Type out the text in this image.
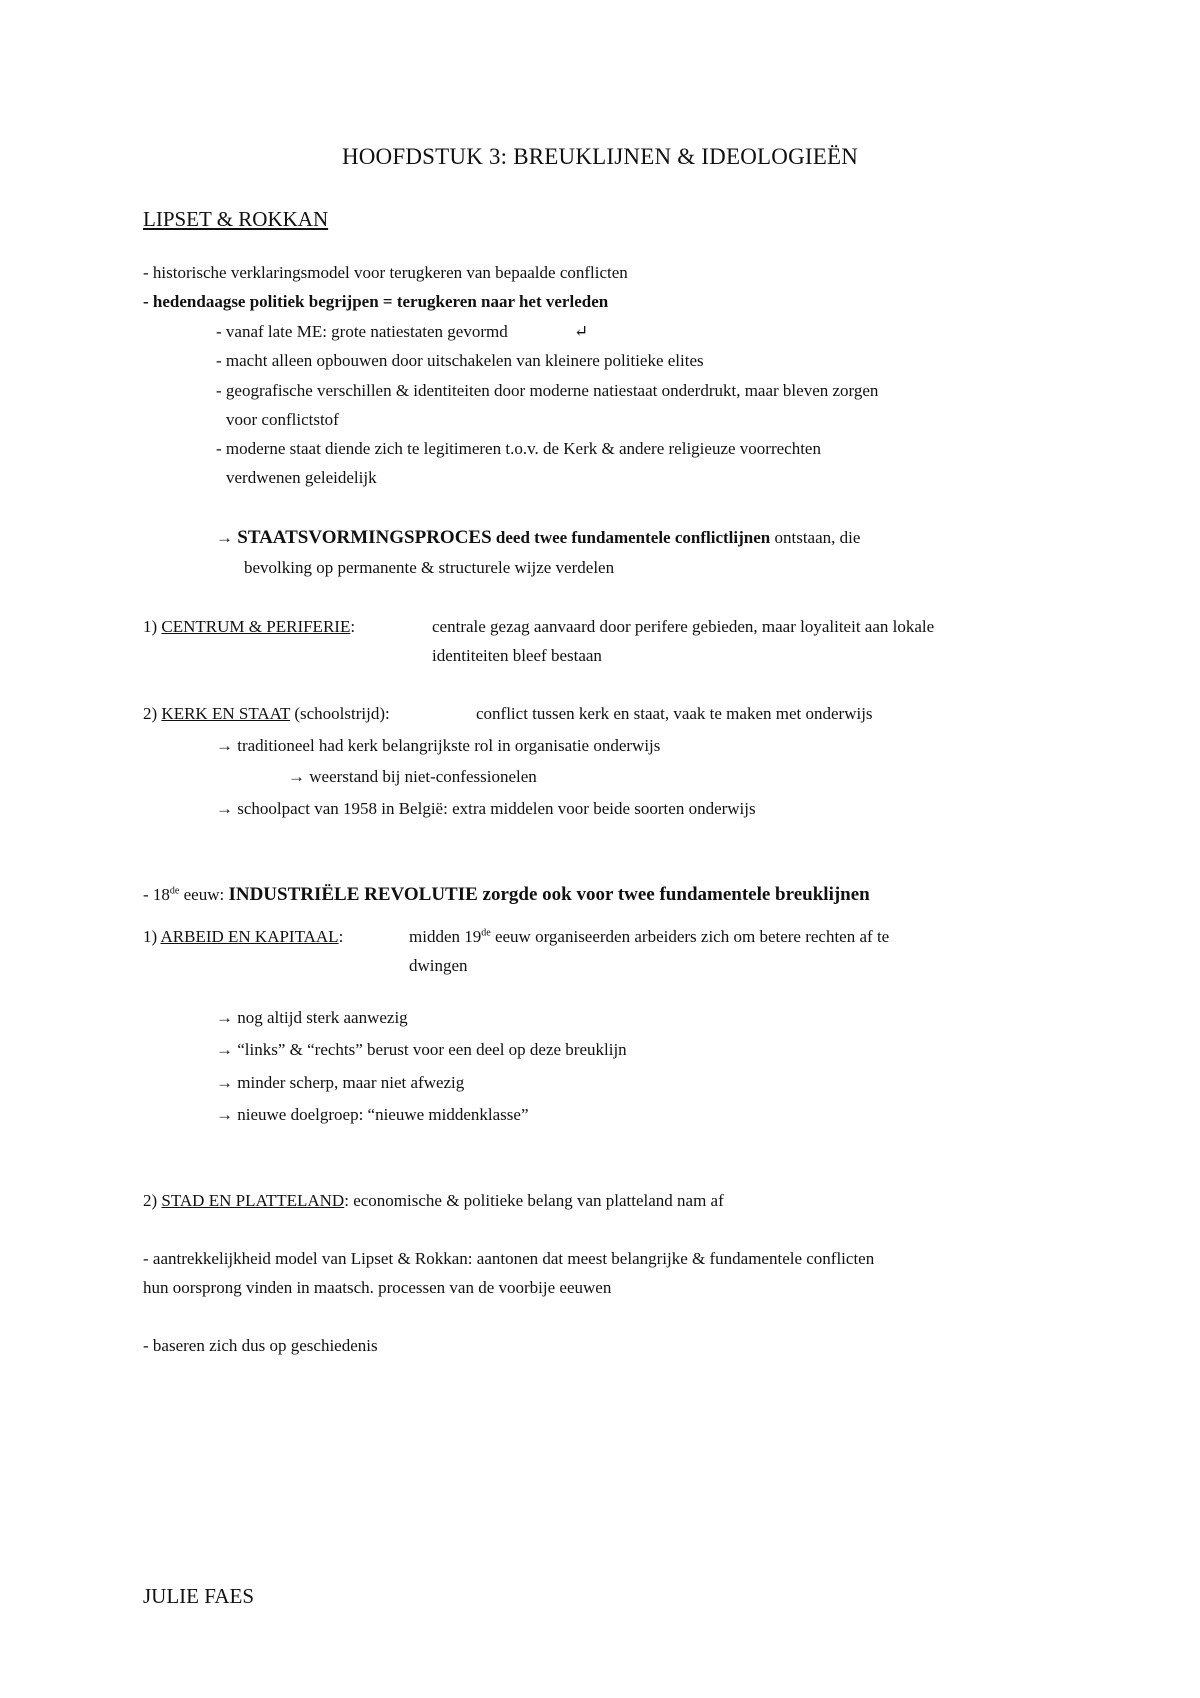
HOOFDSTUK 3: BREUKLIJNEN & IDEOLOGIEËN
LIPSET & ROKKAN
- historische verklaringsmodel voor terugkeren van bepaalde conflicten
- hedendaagse politiek begrijpen = terugkeren naar het verleden
- vanaf late ME: grote natiestaten gevormd	↵
- macht alleen opbouwen door uitschakelen van kleinere politieke elites
- geografische verschillen & identiteiten door moderne natiestaat onderdrukt, maar bleven zorgen
voor conflictstof
- moderne staat diende zich te legitimeren t.o.v. de Kerk & andere religieuze voorrechten
verdwenen geleidelijk
→ STAATSVORMINGSPROCES deed twee fundamentele conflictlijnen ontstaan, die
bevolking op permanente & structurele wijze verdelen
1) CENTRUM & PERIFERIE:	centrale gezag aanvaard door perifere gebieden, maar loyaliteit aan lokale
identiteiten bleef bestaan
2) KERK EN STAAT (schoolstrijd):	conflict tussen kerk en staat, vaak te maken met onderwijs
→ traditioneel had kerk belangrijkste rol in organisatie onderwijs
→ weerstand bij niet-confessionelen
→ schoolpact van 1958 in België: extra middelen voor beide soorten onderwijs
- 18de eeuw: INDUSTRIËLE REVOLUTIE zorgde ook voor twee fundamentele breuklijnen
1) ARBEID EN KAPITAAL:	midden 19de eeuw organiseerden arbeiders zich om betere rechten af te
dwingen
→ nog altijd sterk aanwezig
→ “links” & “rechts” berust voor een deel op deze breuklijn
→ minder scherp, maar niet afwezig
→ nieuwe doelgroep: “nieuwe middenklasse”
2) STAD EN PLATTELAND: economische & politieke belang van platteland nam af
- aantrekkelijkheid model van Lipset & Rokkan: aantonen dat meest belangrijke & fundamentele conflicten
hun oorsprong vinden in maatsch. processen van de voorbije eeuwen
- baseren zich dus op geschiedenis
JULIE FAES
